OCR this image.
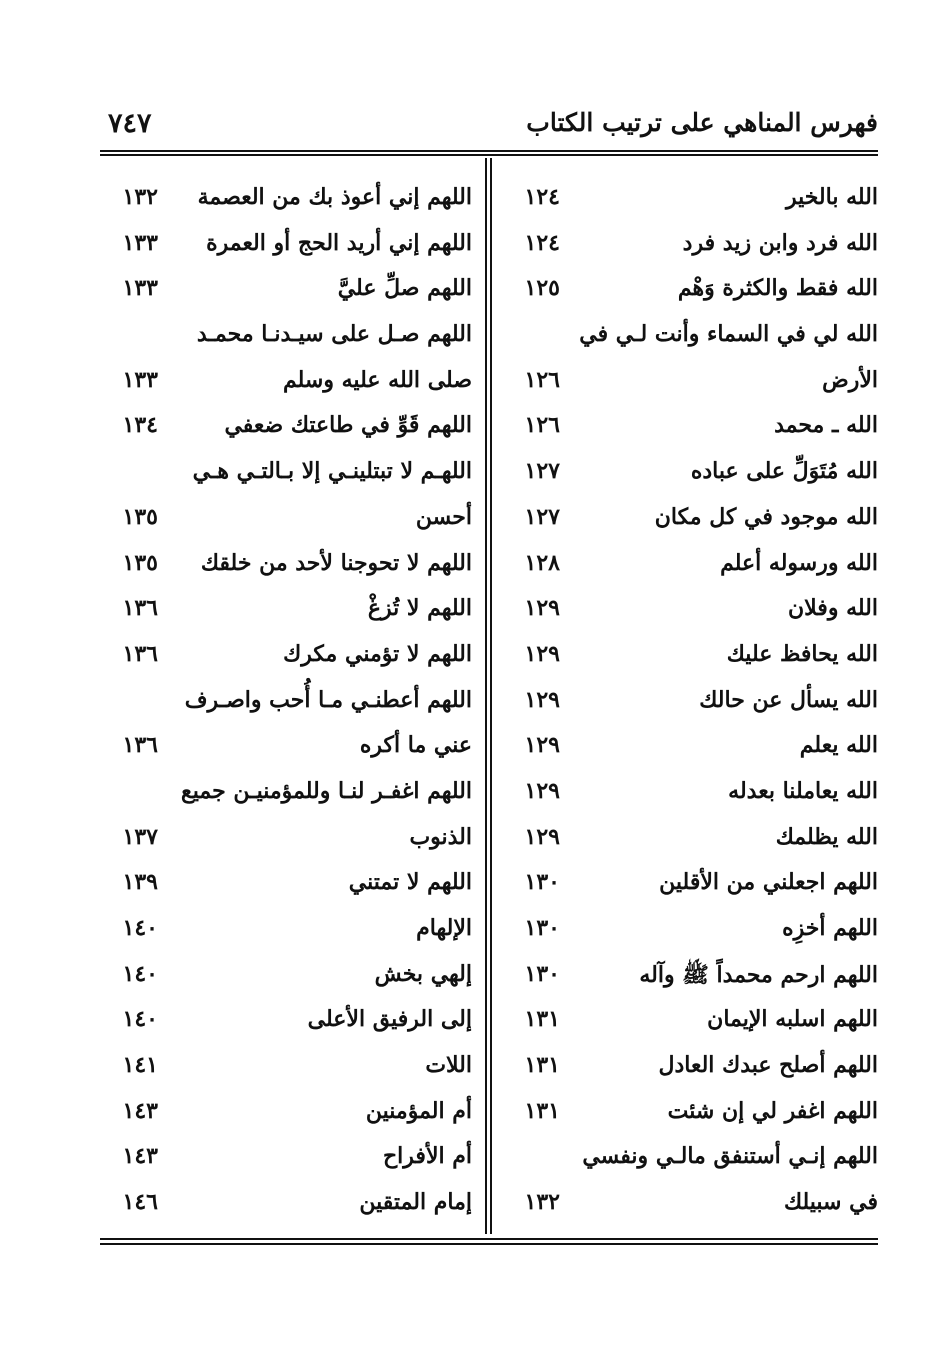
فهرس المناهي على ترتيب الكتاب
٧٤٧
الله بالخير
١٢٤
الله فرد وابن زيد فرد
١٢٤
الله فقط والكثرة وَهْم
١٢٥
الله لي في السماء وأنت لـي في
الأرض
١٢٦
الله ـ محمد
١٢٦
الله مُتَوَلِّ على عباده
١٢٧
الله موجود في كل مكان
١٢٧
الله ورسوله أعلم
١٢٨
الله وفلان
١٢٩
الله يحافظ عليك
١٢٩
الله يسأل عن حالك
١٢٩
الله يعلم
١٢٩
الله يعاملنا بعدله
١٢٩
الله يظلمك
١٢٩
اللهم اجعلني من الأقلين
١٣٠
اللهم أخزِه
١٣٠
اللهم ارحم محمداً ﷺ وآله
١٣٠
اللهم اسلبه الإيمان
١٣١
اللهم أصلح عبدك العادل
١٣١
اللهم اغفر لي إن شئت
١٣١
اللهم إنـي أستنفق مالـي ونفسي
في سبيلك
١٣٢
اللهم إني أعوذ بك من العصمة
١٣٢
اللهم إني أريد الحج أو العمرة
١٣٣
اللهم صلِّ عليَّ
١٣٣
اللهم صـل على سيـدنـا محمـد
صلى الله عليه وسلم
١٣٣
اللهم قَوِّ في طاعتك ضعفي
١٣٤
اللهـم لا تبتلينـي إلا بـالتـي هـي
أحسن
١٣٥
اللهم لا تحوجنا لأحد من خلقك
١٣٥
اللهم لا تُزغْ
١٣٦
اللهم لا تؤمني مكرك
١٣٦
اللهم أعطنـي مـا أُحب واصـرف
عني ما أكره
١٣٦
اللهم اغفـر لنـا وللمؤمنيـن جميع
الذنوب
١٣٧
اللهم لا تمتني
١٣٩
الإلهام
١٤٠
إلهي بخش
١٤٠
إلى الرفيق الأعلى
١٤٠
اللات
١٤١
أم المؤمنين
١٤٣
أم الأفراح
١٤٣
إمام المتقين
١٤٦
